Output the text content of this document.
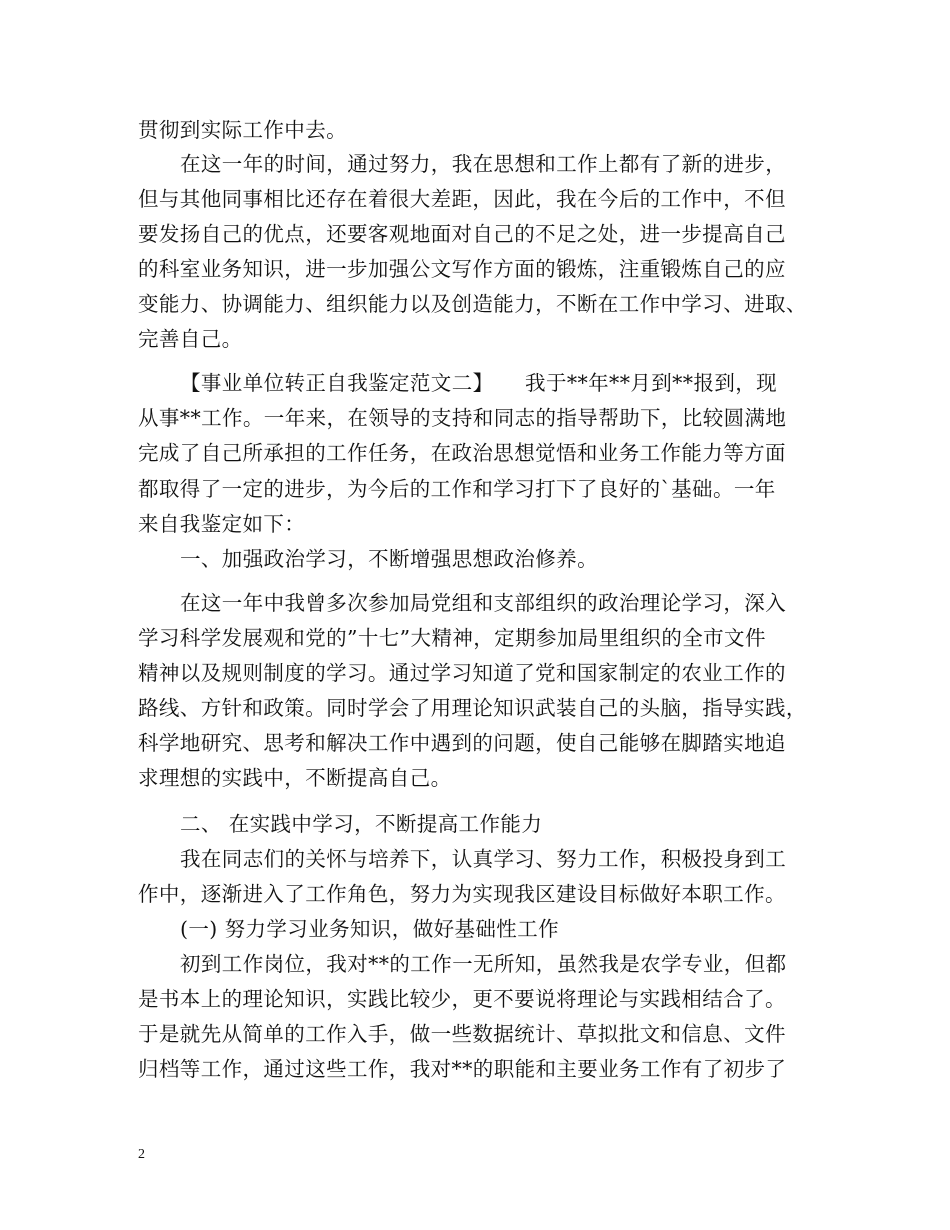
贯彻到实际工作中去。
在这一年的时间，通过努力，我在思想和工作上都有了新的进步，
但与其他同事相比还存在着很大差距，因此，我在今后的工作中，不但
要发扬自己的优点，还要客观地面对自己的不足之处，进一步提高自己
的科室业务知识，进一步加强公文写作方面的锻炼，注重锻炼自己的应
变能力、协调能力、组织能力以及创造能力，不断在工作中学习、进取、
完善自己。
【事业单位转正自我鉴定范文二】　　我于**年**月到**报到，现
从事**工作。一年来，在领导的支持和同志的指导帮助下，比较圆满地
完成了自己所承担的工作任务，在政治思想觉悟和业务工作能力等方面
都取得了一定的进步，为今后的工作和学习打下了良好的`基础。一年
来自我鉴定如下：
一、加强政治学习，不断增强思想政治修养。
在这一年中我曾多次参加局党组和支部组织的政治理论学习，深入
学习科学发展观和党的”十七”大精神，定期参加局里组织的全市文件
精神以及规则制度的学习。通过学习知道了党和国家制定的农业工作的
路线、方针和政策。同时学会了用理论知识武装自己的头脑，指导实践，
科学地研究、思考和解决工作中遇到的问题，使自己能够在脚踏实地追
求理想的实践中，不断提高自己。
二、 在实践中学习，不断提高工作能力
我在同志们的关怀与培养下，认真学习、努力工作，积极投身到工
作中，逐渐进入了工作角色，努力为实现我区建设目标做好本职工作。
(一) 努力学习业务知识，做好基础性工作
初到工作岗位，我对**的工作一无所知，虽然我是农学专业，但都
是书本上的理论知识，实践比较少，更不要说将理论与实践相结合了。
于是就先从简单的工作入手，做一些数据统计、草拟批文和信息、文件
归档等工作，通过这些工作，我对**的职能和主要业务工作有了初步了
2
